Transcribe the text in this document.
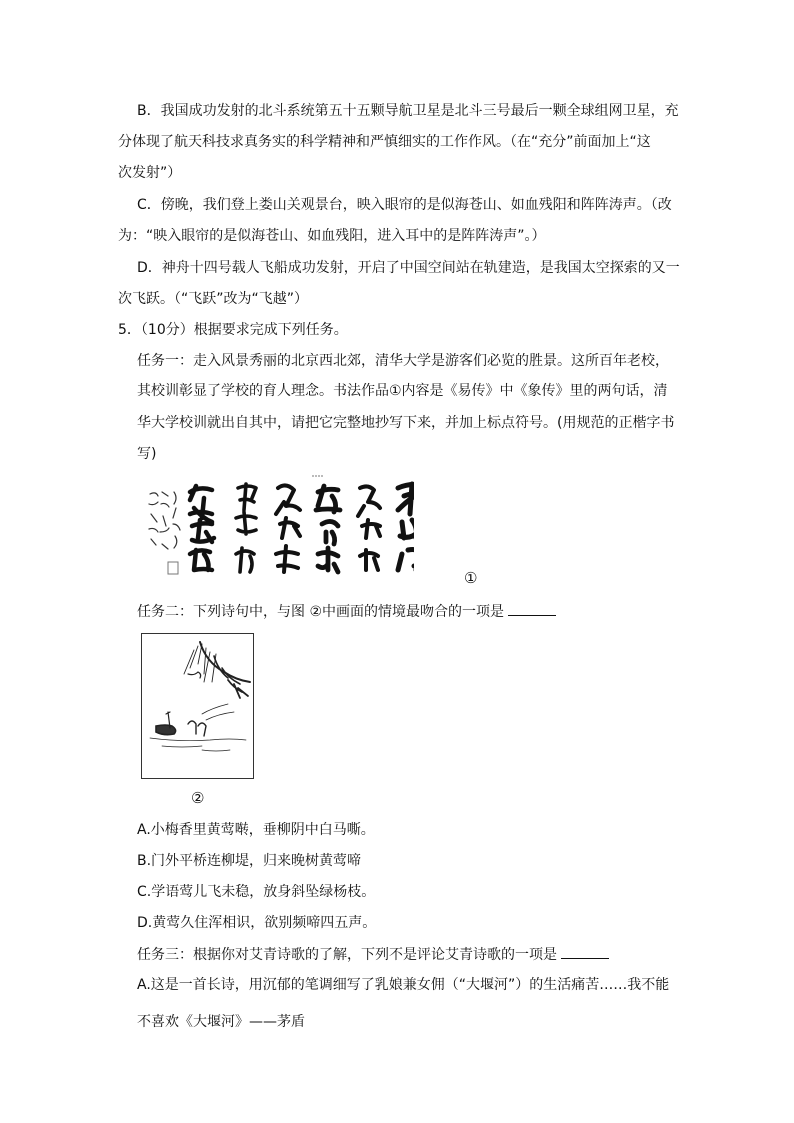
B．我国成功发射的北斗系统第五十五颗导航卫星是北斗三号最后一颗全球组网卫星，充
分体现了航天科技求真务实的科学精神和严慎细实的工作作风。（在“充分”前面加上“这
次发射”）
C．傍晚，我们登上娄山关观景台，映入眼帘的是似海苍山、如血残阳和阵阵涛声。（改
为：“映入眼帘的是似海苍山、如血残阳，进入耳中的是阵阵涛声”。）
D．神舟十四号载人飞船成功发射，开启了中国空间站在轨建造，是我国太空探索的又一
次飞跃。（“飞跃”改为“飞越”）
5．（10分）根据要求完成下列任务。
任务一：走入风景秀丽的北京西北郊，清华大学是游客们必览的胜景。这所百年老校，
其校训彰显了学校的育人理念。书法作品①内容是《易传》中《象传》里的两句话，清
华大学校训就出自其中，请把它完整地抄写下来，并加上标点符号。(用规范的正楷字书
写)
①
任务二：下列诗句中，与图 ②中画面的情境最吻合的一项是
②
A.小梅香里黄莺啭，垂柳阴中白马嘶。
B.门外平桥连柳堤，归来晚树黄莺啼
C.学语莺儿飞未稳，放身斜坠绿杨枝。
D.黄莺久住浑相识，欲别频啼四五声。
任务三：根据你对艾青诗歌的了解，下列不是评论艾青诗歌的一项是
A.这是一首长诗，用沉郁的笔调细写了乳娘兼女佣（“大堰河”）的生活痛苦……我不能
不喜欢《大堰河》——茅盾
